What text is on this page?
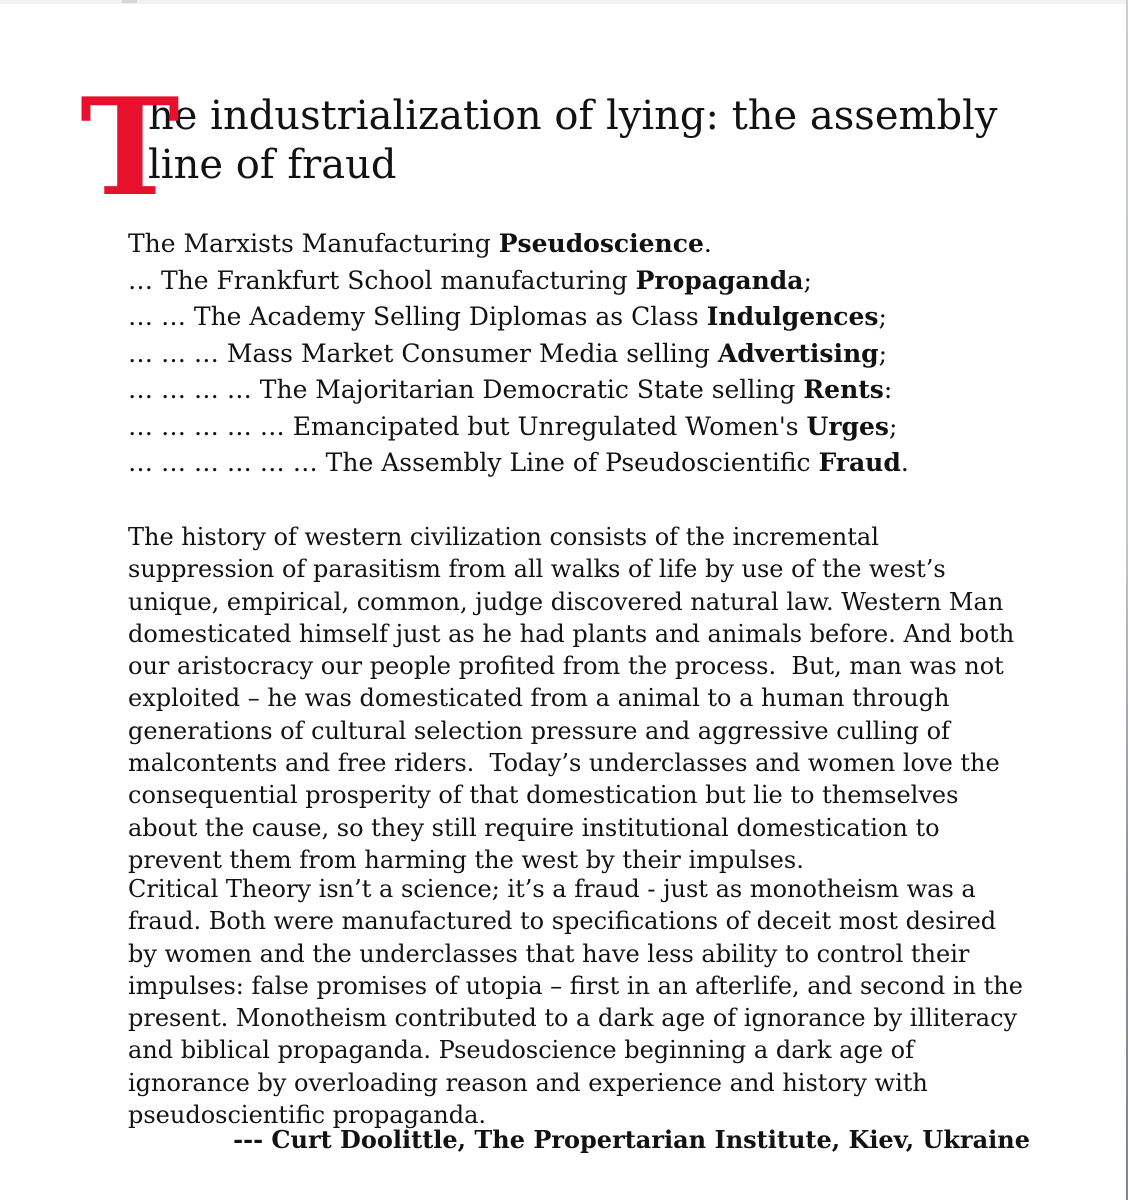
T
he industrialization of lying: the assembly
line of fraud
The Marxists Manufacturing Pseudoscience.
… The Frankfurt School manufacturing Propaganda;
… … The Academy Selling Diplomas as Class Indulgences;
… … … Mass Market Consumer Media selling Advertising;
… … … … The Majoritarian Democratic State selling Rents:
… … … … … Emancipated but Unregulated Women's Urges;
… … … … … … The Assembly Line of Pseudoscientific Fraud.

The history of western civilization consists of the incremental suppression of parasitism from all walks of life by use of the west’s unique, empirical, common, judge discovered natural law. Western Man domesticated himself just as he had plants and animals before. And both our aristocracy our people profited from the process.  But, man was not exploited – he was domesticated from a animal to a human through generations of cultural selection pressure and aggressive culling of malcontents and free riders.  Today’s underclasses and women love the consequential prosperity of that domestication but lie to themselves about the cause, so they still require institutional domestication to prevent them from harming the west by their impulses.

Critical Theory isn’t a science; it’s a fraud - just as monotheism was a fraud. Both were manufactured to specifications of deceit most desired by women and the underclasses that have less ability to control their impulses: false promises of utopia – first in an afterlife, and second in the present. Monotheism contributed to a dark age of ignorance by illiteracy and biblical propaganda. Pseudoscience beginning a dark age of ignorance by overloading reason and experience and history with pseudoscientific propaganda.

--- Curt Doolittle, The Propertarian Institute, Kiev, Ukraine
